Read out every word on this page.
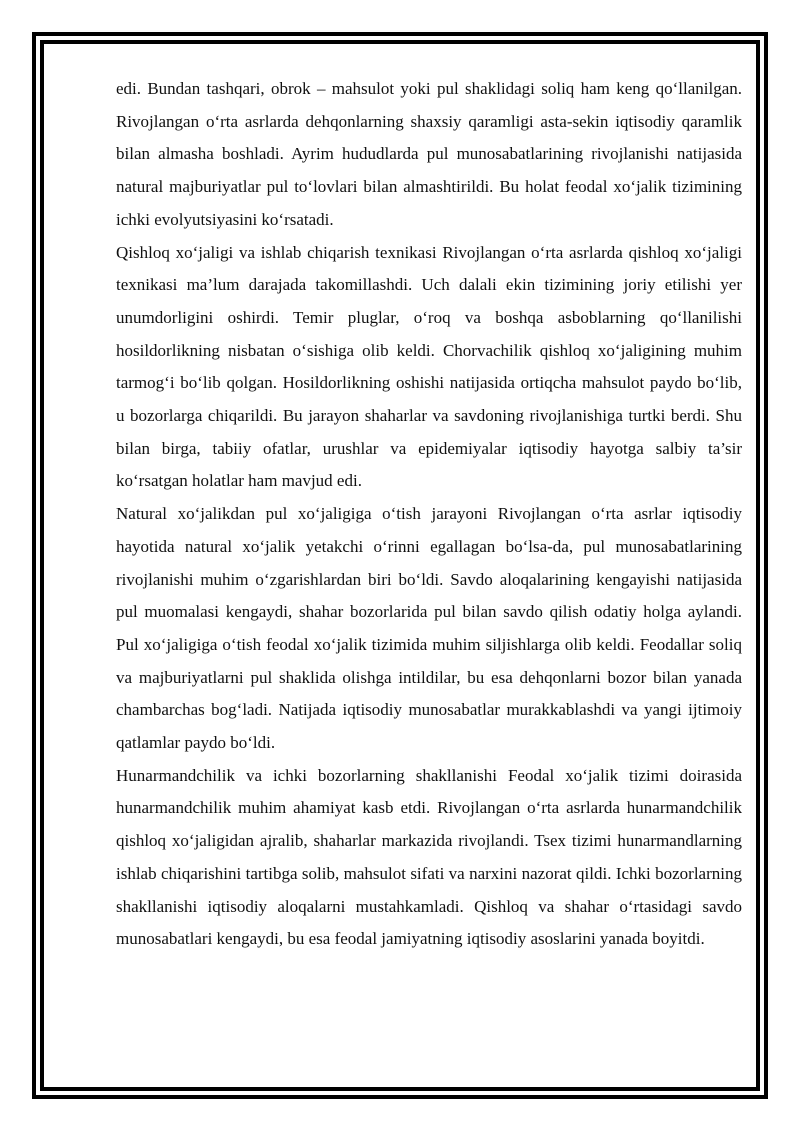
edi. Bundan tashqari, obrok – mahsulot yoki pul shaklidagi soliq ham keng qo‘llanilgan. Rivojlangan o‘rta asrlarda dehqonlarning shaxsiy qaramligi asta-sekin iqtisodiy qaramlik bilan almasha boshladi. Ayrim hududlarda pul munosabatlarining rivojlanishi natijasida natural majburiyatlar pul to‘lovlari bilan almashtirildi. Bu holat feodal xo‘jalik tizimining ichki evolyutsiyasini ko‘rsatadi.

Qishloq xo‘jaligi va ishlab chiqarish texnikasi Rivojlangan o‘rta asrlarda qishloq xo‘jaligi texnikasi ma’lum darajada takomillashdi. Uch dalali ekin tizimining joriy etilishi yer unumdorligini oshirdi. Temir pluglar, o‘roq va boshqa asboblarning qo‘llanilishi hosildorlikning nisbatan o‘sishiga olib keldi. Chorvachilik qishloq xo‘jaligining muhim tarmog‘i bo‘lib qolgan. Hosildorlikning oshishi natijasida ortiqcha mahsulot paydo bo‘lib, u bozorlarga chiqarildi. Bu jarayon shaharlar va savdoning rivojlanishiga turtki berdi. Shu bilan birga, tabiiy ofatlar, urushlar va epidemiyalar iqtisodiy hayotga salbiy ta’sir ko‘rsatgan holatlar ham mavjud edi.

Natural xo‘jalikdan pul xo‘jaligiga o‘tish jarayoni Rivojlangan o‘rta asrlar iqtisodiy hayotida natural xo‘jalik yetakchi o‘rinni egallagan bo‘lsa-da, pul munosabatlarining rivojlanishi muhim o‘zgarishlardan biri bo‘ldi. Savdo aloqalarining kengayishi natijasida pul muomalasi kengaydi, shahar bozorlarida pul bilan savdo qilish odatiy holga aylandi. Pul xo‘jaligiga o‘tish feodal xo‘jalik tizimida muhim siljishlarga olib keldi. Feodallar soliq va majburiyatlarni pul shaklida olishga intildilar, bu esa dehqonlarni bozor bilan yanada chambarchas bog‘ladi. Natijada iqtisodiy munosabatlar murakkablashdi va yangi ijtimoiy qatlamlar paydo bo‘ldi.

Hunarmandchilik va ichki bozorlarning shakllanishi Feodal xo‘jalik tizimi doirasida hunarmandchilik muhim ahamiyat kasb etdi. Rivojlangan o‘rta asrlarda hunarmandchilik qishloq xo‘jaligidan ajralib, shaharlar markazida rivojlandi. Tsex tizimi hunarmandlarning ishlab chiqarishini tartibga solib, mahsulot sifati va narxini nazorat qildi. Ichki bozorlarning shakllanishi iqtisodiy aloqalarni mustahkamladi. Qishloq va shahar o‘rtasidagi savdo munosabatlari kengaydi, bu esa feodal jamiyatning iqtisodiy asoslarini yanada boyitdi.
